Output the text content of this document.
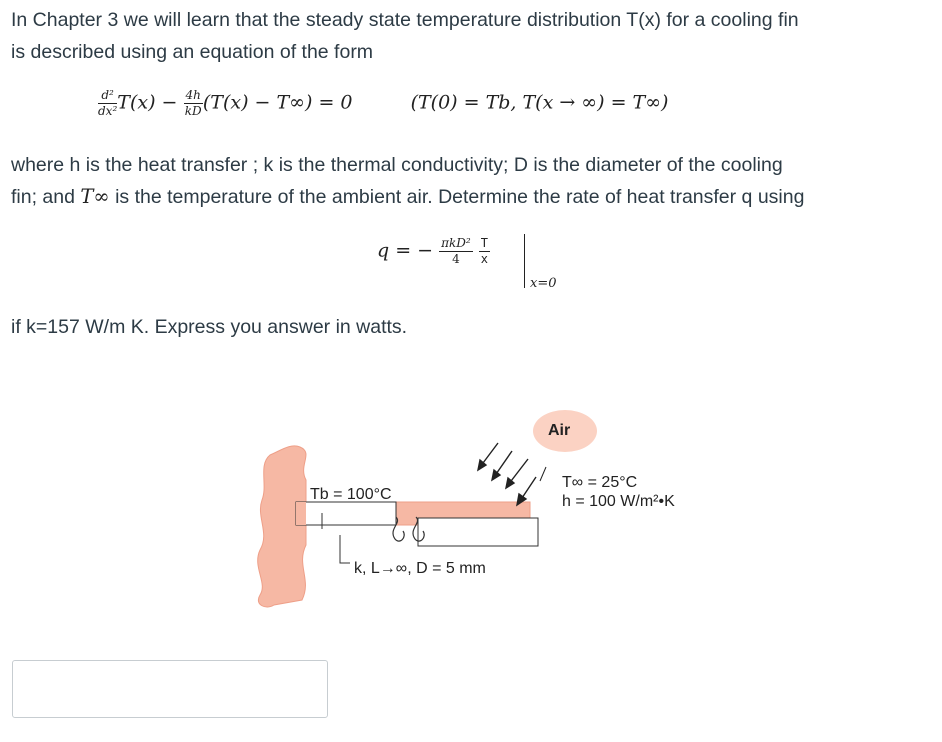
In Chapter 3 we will learn that the steady state temperature distribution T(x) for a cooling fin
is described using an equation of the form
$\frac{\text{d²}}{\text{dx²}} T(x) - \frac{4h}{kD} (T(x) - T\infty) = 0$	(T(0) = Tb, T(x → ∞) = T∞)
where h is the heat transfer ; k is the thermal conductivity; D is the diameter of the cooling
fin; and T∞ is the temperature of the ambient air. Determine the rate of heat transfer q using
q = − $\frac{\text{πkD²}}{4}$
$\frac{T}{x}$
x=0
if k=157 W/m K. Express you answer in watts.
Air
Tb = 100°C
T∞ = 25°C
h = 100 W/m²•K
k, L→∞, D = 5 mm
